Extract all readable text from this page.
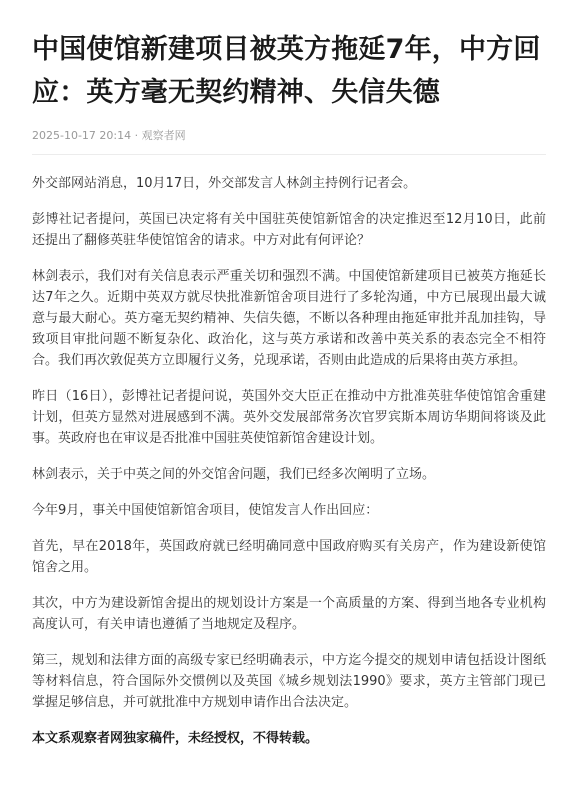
中国使馆新建项目被英方拖延7年，中方回应：英方毫无契约精神、失信失德
2025-10-17 20:14 · 观察者网

外交部网站消息，10月17日，外交部发言人林剑主持例行记者会。

彭博社记者提问，英国已决定将有关中国驻英使馆新馆舍的决定推迟至12月10日，此前还提出了翻修英驻华使馆馆舍的请求。中方对此有何评论？

林剑表示，我们对有关信息表示严重关切和强烈不满。中国使馆新建项目已被英方拖延长达7年之久。近期中英双方就尽快批准新馆舍项目进行了多轮沟通，中方已展现出最大诚意与最大耐心。英方毫无契约精神、失信失德，不断以各种理由拖延审批并乱加挂钩，导致项目审批问题不断复杂化、政治化，这与英方承诺和改善中英关系的表态完全不相符合。我们再次敦促英方立即履行义务，兑现承诺，否则由此造成的后果将由英方承担。

昨日（16日），彭博社记者提问说，英国外交大臣正在推动中方批准英驻华使馆馆舍重建计划，但英方显然对进展感到不满。英外交发展部常务次官罗宾斯本周访华期间将谈及此事。英政府也在审议是否批准中国驻英使馆新馆舍建设计划。

林剑表示，关于中英之间的外交馆舍问题，我们已经多次阐明了立场。

今年9月，事关中国使馆新馆舍项目，使馆发言人作出回应：

首先，早在2018年，英国政府就已经明确同意中国政府购买有关房产，作为建设新使馆馆舍之用。

其次，中方为建设新馆舍提出的规划设计方案是一个高质量的方案、得到当地各专业机构高度认可，有关申请也遵循了当地规定及程序。

第三，规划和法律方面的高级专家已经明确表示，中方迄今提交的规划申请包括设计图纸等材料信息，符合国际外交惯例以及英国《城乡规划法1990》要求，英方主管部门现已掌握足够信息，并可就批准中方规划申请作出合法决定。

本文系观察者网独家稿件，未经授权，不得转载。
